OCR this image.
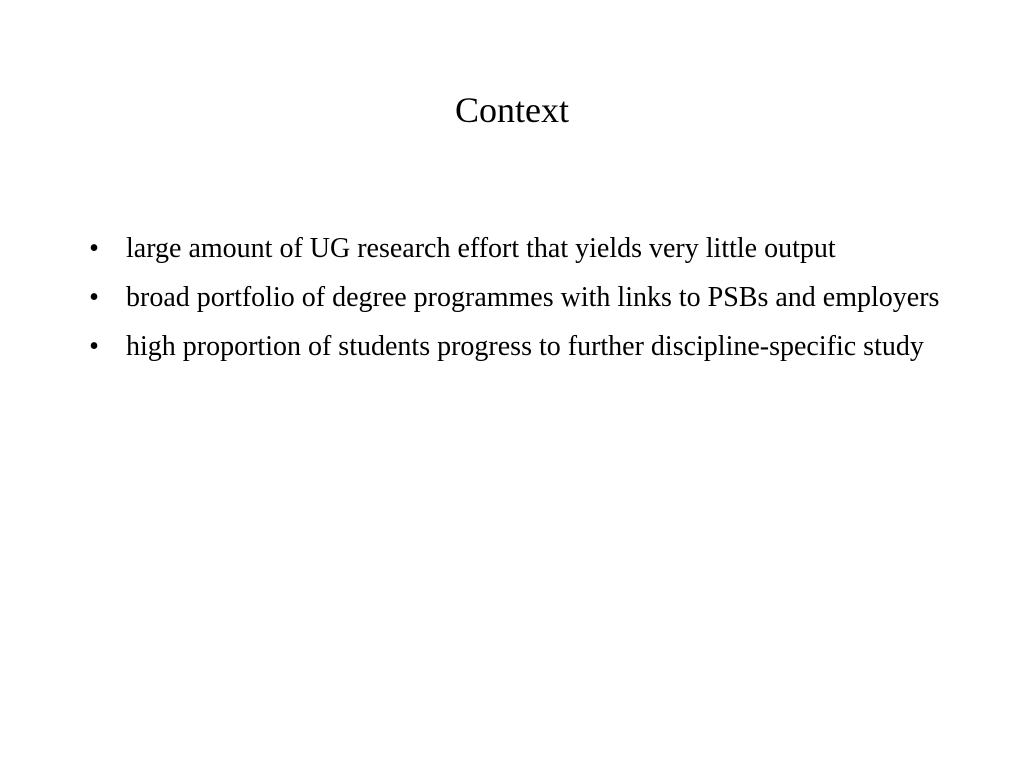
Context
• large amount of UG research effort that yields very little output
• broad portfolio of degree programmes with links to PSBs and employers
• high proportion of students progress to further discipline-specific study
